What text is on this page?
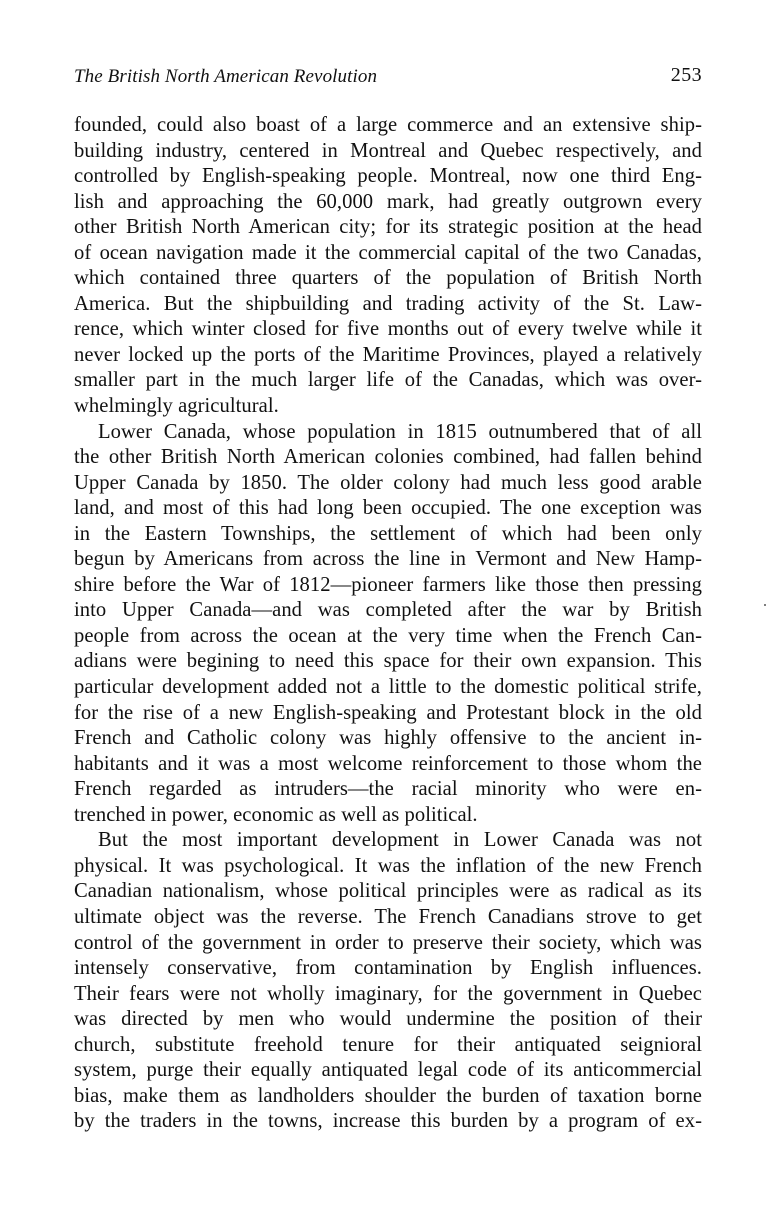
The British North American Revolution	253
founded, could also boast of a large commerce and an extensive ship-
building industry, centered in Montreal and Quebec respectively, and
controlled by English-speaking people. Montreal, now one third Eng-
lish and approaching the 60,000 mark, had greatly outgrown every
other British North American city; for its strategic position at the head
of ocean navigation made it the commercial capital of the two Canadas,
which contained three quarters of the population of British North
America. But the shipbuilding and trading activity of the St. Law-
rence, which winter closed for five months out of every twelve while it
never locked up the ports of the Maritime Provinces, played a relatively
smaller part in the much larger life of the Canadas, which was over-
whelmingly agricultural.
Lower Canada, whose population in 1815 outnumbered that of all
the other British North American colonies combined, had fallen behind
Upper Canada by 1850. The older colony had much less good arable
land, and most of this had long been occupied. The one exception was
in the Eastern Townships, the settlement of which had been only
begun by Americans from across the line in Vermont and New Hamp-
shire before the War of 1812—pioneer farmers like those then pressing
into Upper Canada—and was completed after the war by British
people from across the ocean at the very time when the French Can-
adians were begining to need this space for their own expansion. This
particular development added not a little to the domestic political strife,
for the rise of a new English-speaking and Protestant block in the old
French and Catholic colony was highly offensive to the ancient in-
habitants and it was a most welcome reinforcement to those whom the
French regarded as intruders—the racial minority who were en-
trenched in power, economic as well as political.
But the most important development in Lower Canada was not
physical. It was psychological. It was the inflation of the new French
Canadian nationalism, whose political principles were as radical as its
ultimate object was the reverse. The French Canadians strove to get
control of the government in order to preserve their society, which was
intensely conservative, from contamination by English influences.
Their fears were not wholly imaginary, for the government in Quebec
was directed by men who would undermine the position of their
church, substitute freehold tenure for their antiquated seignioral
system, purge their equally antiquated legal code of its anticommercial
bias, make them as landholders shoulder the burden of taxation borne
by the traders in the towns, increase this burden by a program of ex-
